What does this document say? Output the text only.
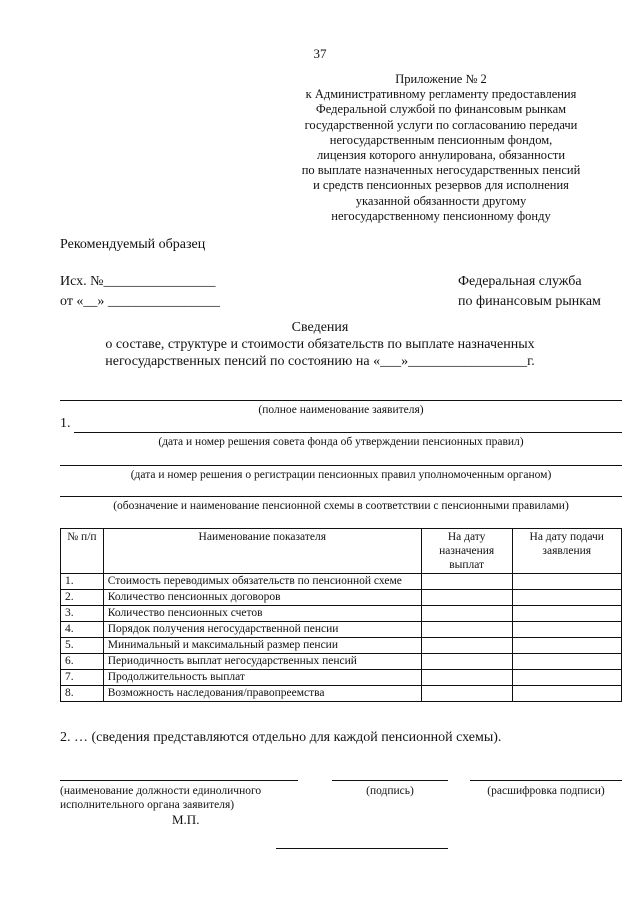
37
Приложение № 2
к Административному регламенту предоставления
Федеральной службой по финансовым рынкам
государственной услуги по согласованию передачи
негосударственным пенсионным фондом,
лицензия которого аннулирована, обязанности
по выплате назначенных негосударственных пенсий
и средств пенсионных резервов для исполнения
указанной обязанности другому
негосударственному пенсионному фонду
Рекомендуемый образец
Исх. №________________
от «__» ________________
Федеральная служба
по финансовым рынкам
Сведения
о составе, структуре и стоимости обязательств по выплате назначенных
негосударственных пенсий по состоянию на «___»_________________г.
(полное наименование заявителя)
1.
(дата и номер решения совета фонда об утверждении пенсионных правил)
(дата и номер решения о регистрации пенсионных правил уполномоченным органом)
(обозначение и наименование пенсионной схемы в соответствии с пенсионными правилами)
№ п/п	Наименование показателя	На дату назначения выплат	На дату подачи заявления
1.	Стоимость переводимых обязательств по пенсионной схеме		
2.	Количество пенсионных договоров		
3.	Количество пенсионных счетов		
4.	Порядок получения негосударственной пенсии		
5.	Минимальный и максимальный размер пенсии		
6.	Периодичность выплат негосударственных пенсий		
7.	Продолжительность выплат		
8.	Возможность наследования/правопреемства		
2. … (сведения представляются отдельно для каждой пенсионной схемы).
(наименование должности единоличного
исполнительного органа заявителя)
(подпись)	(расшифровка подписи)
М.П.
